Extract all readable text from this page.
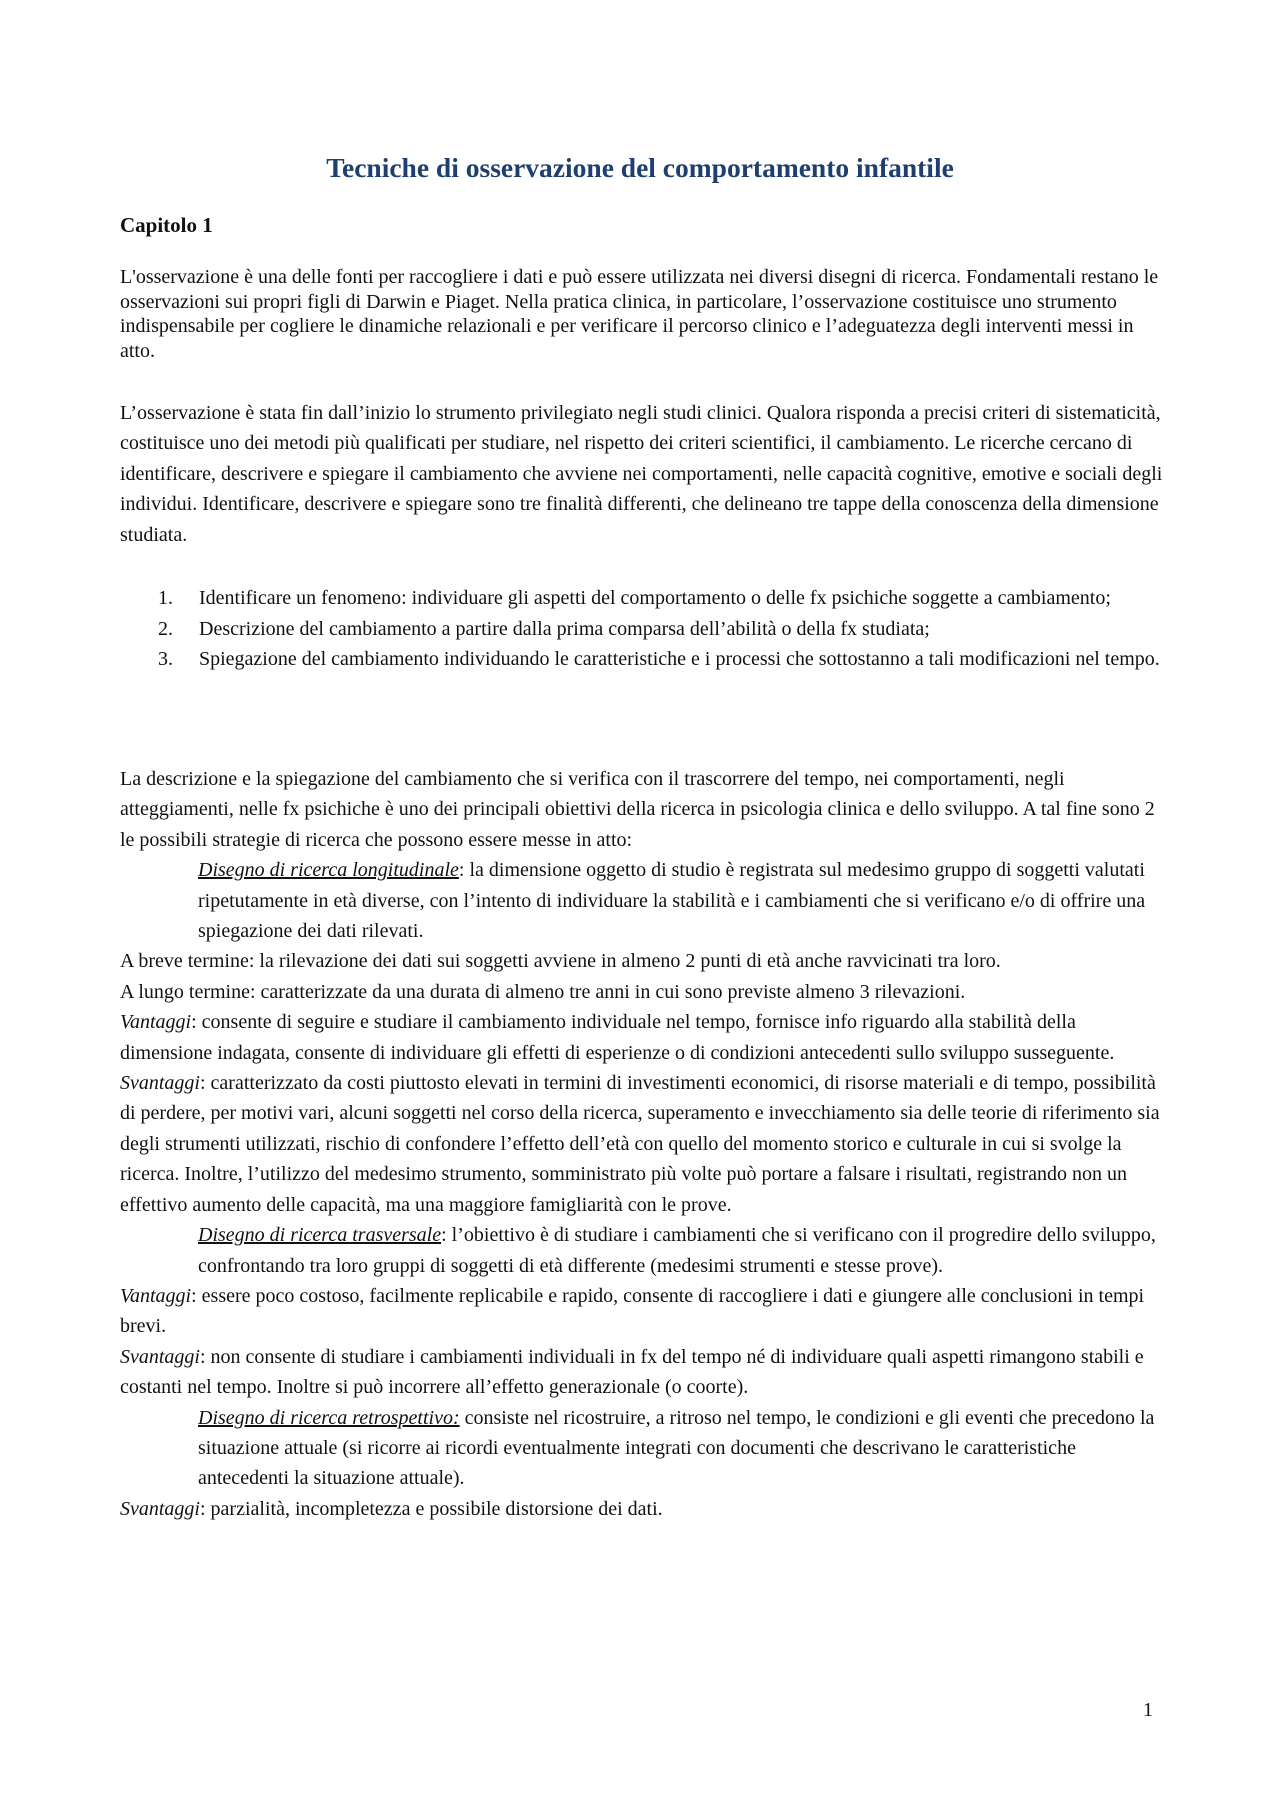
Tecniche di osservazione del comportamento infantile
Capitolo 1

L'osservazione è una delle fonti per raccogliere i dati e può essere utilizzata nei diversi disegni di ricerca. Fondamentali restano le osservazioni sui propri figli di Darwin e Piaget. Nella pratica clinica, in particolare, l’osservazione costituisce uno strumento indispensabile per cogliere le dinamiche relazionali e per verificare il percorso clinico e l’adeguatezza degli interventi messi in atto.

L’osservazione è stata fin dall’inizio lo strumento privilegiato negli studi clinici. Qualora risponda a precisi criteri di sistematicità, costituisce uno dei metodi più qualificati per studiare, nel rispetto dei criteri scientifici, il cambiamento. Le ricerche cercano di identificare, descrivere e spiegare il cambiamento che avviene nei comportamenti, nelle capacità cognitive, emotive e sociali degli individui. Identificare, descrivere e spiegare sono tre finalità differenti, che delineano tre tappe della conoscenza della dimensione studiata.

1. Identificare un fenomeno: individuare gli aspetti del comportamento o delle fx psichiche soggette a cambiamento;
2. Descrizione del cambiamento a partire dalla prima comparsa dell’abilità o della fx studiata;
3. Spiegazione del cambiamento individuando le caratteristiche e i processi che sottostanno a tali modificazioni nel tempo.
La descrizione e la spiegazione del cambiamento che si verifica con il trascorrere del tempo, nei comportamenti, negli atteggiamenti, nelle fx psichiche è uno dei principali obiettivi della ricerca in psicologia clinica e dello sviluppo. A tal fine sono 2 le possibili strategie di ricerca che possono essere messe in atto:
Disegno di ricerca longitudinale: la dimensione oggetto di studio è registrata sul medesimo gruppo di soggetti valutati ripetutamente in età diverse, con l’intento di individuare la stabilità e i cambiamenti che si verificano e/o di offrire una spiegazione dei dati rilevati.
A breve termine: la rilevazione dei dati sui soggetti avviene in almeno 2 punti di età anche ravvicinati tra loro.
A lungo termine: caratterizzate da una durata di almeno tre anni in cui sono previste almeno 3 rilevazioni.
Vantaggi: consente di seguire e studiare il cambiamento individuale nel tempo, fornisce info riguardo alla stabilità della dimensione indagata, consente di individuare gli effetti di esperienze o di condizioni antecedenti sullo sviluppo susseguente.
Svantaggi: caratterizzato da costi piuttosto elevati in termini di investimenti economici, di risorse materiali e di tempo, possibilità di perdere, per motivi vari, alcuni soggetti nel corso della ricerca, superamento e invecchiamento sia delle teorie di riferimento sia degli strumenti utilizzati, rischio di confondere l’effetto dell’età con quello del momento storico e culturale in cui si svolge la ricerca. Inoltre, l’utilizzo del medesimo strumento, somministrato più volte può portare a falsare i risultati, registrando non un effettivo aumento delle capacità, ma una maggiore famigliarità con le prove.
Disegno di ricerca trasversale: l’obiettivo è di studiare i cambiamenti che si verificano con il progredire dello sviluppo, confrontando tra loro gruppi di soggetti di età differente (medesimi strumenti e stesse prove).
Vantaggi: essere poco costoso, facilmente replicabile e rapido, consente di raccogliere i dati e giungere alle conclusioni in tempi brevi.
Svantaggi: non consente di studiare i cambiamenti individuali in fx del tempo né di individuare quali aspetti rimangono stabili e costanti nel tempo. Inoltre si può incorrere all’effetto generazionale (o coorte).
Disegno di ricerca retrospettivo: consiste nel ricostruire, a ritroso nel tempo, le condizioni e gli eventi che precedono la situazione attuale (si ricorre ai ricordi eventualmente integrati con documenti che descrivano le caratteristiche antecedenti la situazione attuale).
Svantaggi: parzialità, incompletezza e possibile distorsione dei dati.
1
